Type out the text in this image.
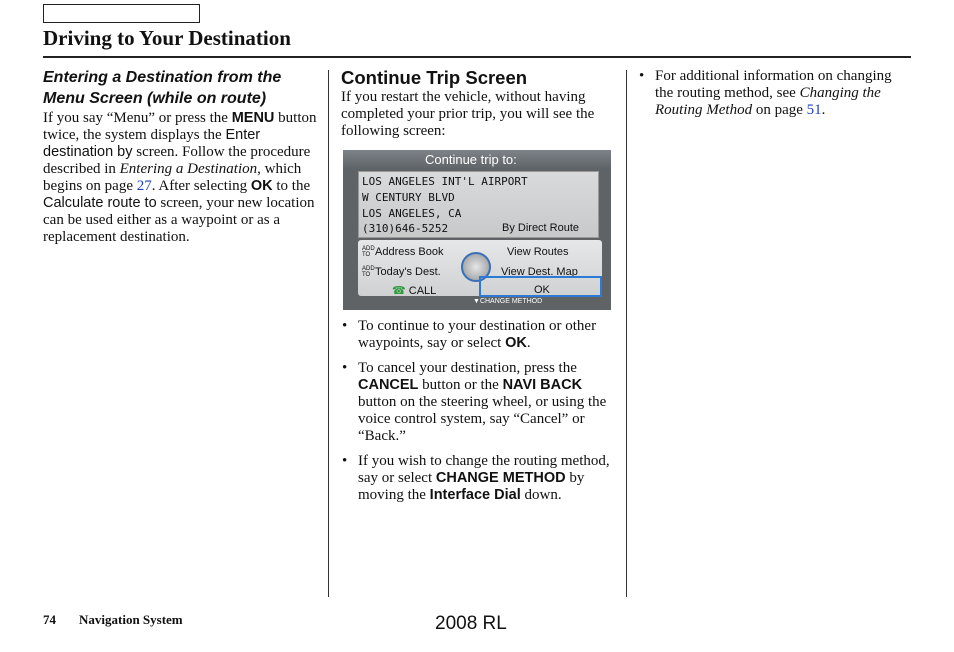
Driving to Your Destination
Entering a Destination from the Menu Screen (while on route)
If you say “Menu” or press the MENU button twice, the system displays the Enter destination by screen. Follow the procedure described in Entering a Destination, which begins on page 27. After selecting OK to the Calculate route to screen, your new location can be used either as a waypoint or as a replacement destination.
Continue Trip Screen
If you restart the vehicle, without having completed your prior trip, you will see the following screen:
Continue trip to:
LOS ANGELES INT'L AIRPORT
W CENTURY BLVD
LOS ANGELES, CA
(310)646-5252	By Direct Route
ADD TO Address Book	View Routes
ADD TO Today's Dest.	View Dest. Map
☎ CALL	OK
▼CHANGE METHOD
• To continue to your destination or other waypoints, say or select OK.
• To cancel your destination, press the CANCEL button or the NAVI BACK button on the steering wheel, or using the voice control system, say “Cancel” or “Back.”
• If you wish to change the routing method, say or select CHANGE METHOD by moving the Interface Dial down.
• For additional information on changing the routing method, see Changing the Routing Method on page 51.
74 Navigation System	2008 RL
